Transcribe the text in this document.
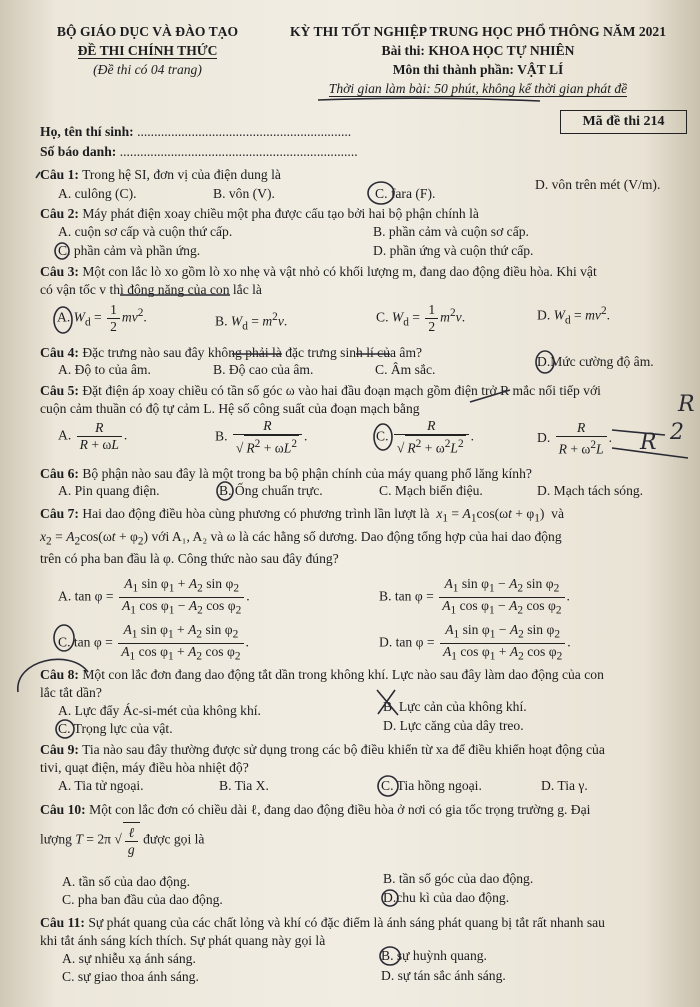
BỘ GIÁO DỤC VÀ ĐÀO TẠO
ĐỀ THI CHÍNH THỨC
(Đề thi có 04 trang)
KỲ THI TỐT NGHIỆP TRUNG HỌC PHỔ THÔNG NĂM 2021
Bài thi: KHOA HỌC TỰ NHIÊN
Môn thi thành phần: VẬT LÍ
Thời gian làm bài: 50 phút, không kể thời gian phát đề
Họ, tên thí sinh: ...............................................................
Số báo danh: ......................................................................
Mã đề thi 214
Câu 1: Trong hệ SI, đơn vị của điện dung là
A. culông (C).	B. vôn (V).	C. fara (F).
D. vôn trên mét (V/m).
Câu 2: Máy phát điện xoay chiều một pha được cấu tạo bởi hai bộ phận chính là
A. cuộn sơ cấp và cuộn thứ cấp.	B. phần cảm và cuộn sơ cấp.
C. phần cảm và phần ứng.	D. phần ứng và cuộn thứ cấp.
Câu 3: Một con lắc lò xo gồm lò xo nhẹ và vật nhỏ có khối lượng m, đang dao động điều hòa. Khi vật
có vận tốc v thì động năng của con lắc là
A. $W_d = \frac{1}{2} mv^2$.	B. $W_d = m^2v$.	C. $W_d = \frac{1}{2} m^2v$.	D. $W_d = mv^2$.
Câu 4: Đặc trưng nào sau đây không phải là đặc trưng sinh lí của âm?
A. Độ to của âm.	B. Độ cao của âm.	C. Âm sắc.
D.Mức cường độ âm.
Câu 5: Đặt điện áp xoay chiều có tần số góc ω vào hai đầu đoạn mạch gồm điện trở R mắc nối tiếp với
cuộn cảm thuần có độ tự cảm L. Hệ số công suất của đoạn mạch bằng
A. $\frac{R}{R + \omega L}$ .	B. $\frac{R}{√ R^2 + \omega L^2}$ .	C. $\frac{R}{√ R^2 + \omega^2L^2}$ .	D. $\frac{R}{R + \omega^2L}$ .
Câu 6: Bộ phận nào sau đây là một trong ba bộ phận chính của máy quang phổ lăng kính?
A. Pin quang điện.	B. Ống chuẩn trực.	C. Mạch biến điệu.	D. Mạch tách sóng.
Câu 7: Hai dao động điều hòa cùng phương có phương trình lần lượt là $x_1 = A_1\cos(\omega t + \varphi_1)$  và
$x_2 = A_2\cos(\omega t + \varphi_2)$ với A₁, A₂ và ω là các hằng số dương. Dao động tổng hợp của hai dao động
trên có pha ban đầu là φ. Công thức nào sau đây đúng?
A. $\tan \varphi = \frac{A_1 \sin \varphi_1 + A_2 \sin \varphi_2}{A_1 \cos \varphi_1 - A_2 \cos \varphi_2}$ .	B. $\tan \varphi = \frac{A_1 \sin \varphi_1 - A_2 \sin \varphi_2}{A_1 \cos \varphi_1 - A_2 \cos \varphi_2}$ .
C. $\tan \varphi = \frac{A_1 \sin \varphi_1 + A_2 \sin \varphi_2}{A_1 \cos \varphi_1 + A_2 \cos \varphi_2}$ .	D. $\tan \varphi = \frac{A_1 \sin \varphi_1 - A_2 \sin \varphi_2}{A_1 \cos \varphi_1 + A_2 \cos \varphi_2}$ .
Câu 8: Một con lắc đơn đang dao động tắt dần trong không khí. Lực nào sau đây làm dao động của con
lắc tắt dần?
A. Lực đẩy Ác-si-mét của không khí.	B. Lực cản của không khí.
C. Trọng lực của vật.	D. Lực căng của dây treo.
Câu 9: Tia nào sau đây thường được sử dụng trong các bộ điều khiển từ xa để điều khiển hoạt động của
tivi, quạt điện, máy điều hòa nhiệt độ?
A. Tia tử ngoại.	B. Tia X.	C. Tia hồng ngoại.	D. Tia γ.
Câu 10: Một con lắc đơn có chiều dài ℓ, đang dao động điều hòa ở nơi có gia tốc trọng trường g. Đại
lượng T = 2π √ $\frac{\text{ℓ}}{g}$ được gọi là
A. tần số của dao động.	B. tần số góc của dao động.
C. pha ban đầu của dao động.	D.chu kì của dao động.
Câu 11: Sự phát quang của các chất lỏng và khí có đặc điểm là ánh sáng phát quang bị tắt rất nhanh sau
khi tắt ánh sáng kích thích. Sự phát quang này gọi là
A. sự nhiễu xạ ánh sáng.	B. sự huỳnh quang.
C. sự giao thoa ánh sáng.	D. sự tán sắc ánh sáng.
R
R 2
